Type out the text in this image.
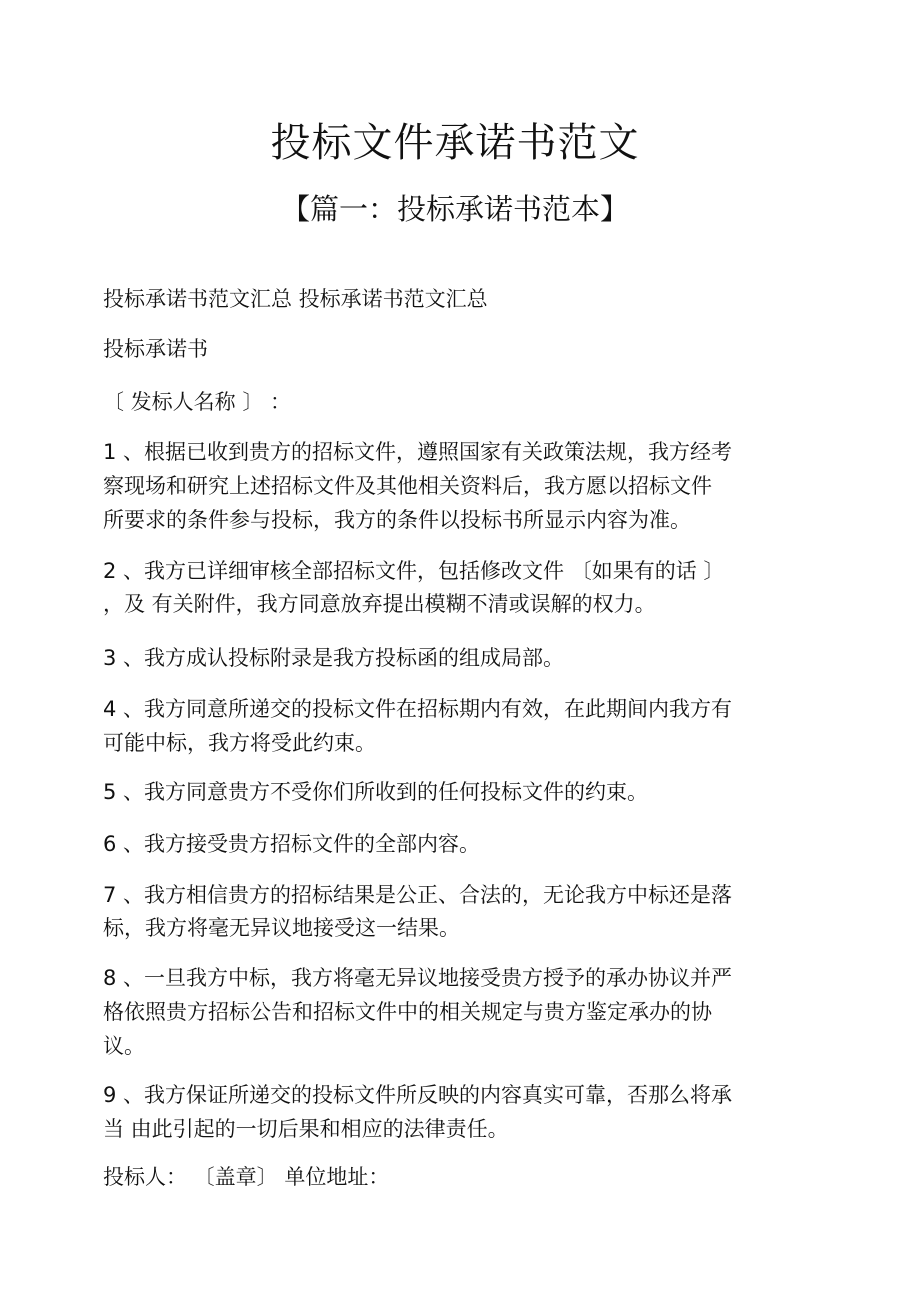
投标文件承诺书范文
【篇一：投标承诺书范本】
投标承诺书范文汇总 投标承诺书范文汇总
投标承诺书
〔 发标人名称 〕 ：
1 、根据已收到贵方的招标文件，遵照国家有关政策法规，我方经考
察现场和研究上述招标文件及其他相关资料后，我方愿以招标文件
所要求的条件参与投标，我方的条件以投标书所显示内容为准。
2 、我方已详细审核全部招标文件，包括修改文件 〔如果有的话 〕
，及 有关附件，我方同意放弃提出模糊不清或误解的权力。
3 、我方成认投标附录是我方投标函的组成局部。
4 、我方同意所递交的投标文件在招标期内有效，在此期间内我方有
可能中标，我方将受此约束。
5 、我方同意贵方不受你们所收到的任何投标文件的约束。
6 、我方接受贵方招标文件的全部内容。
7 、我方相信贵方的招标结果是公正、合法的，无论我方中标还是落
标，我方将毫无异议地接受这一结果。
8 、一旦我方中标，我方将毫无异议地接受贵方授予的承办协议并严
格依照贵方招标公告和招标文件中的相关规定与贵方鉴定承办的协
议。
9 、我方保证所递交的投标文件所反映的内容真实可靠，否那么将承
当 由此引起的一切后果和相应的法律责任。
投标人： 〔盖章〕 单位地址：
